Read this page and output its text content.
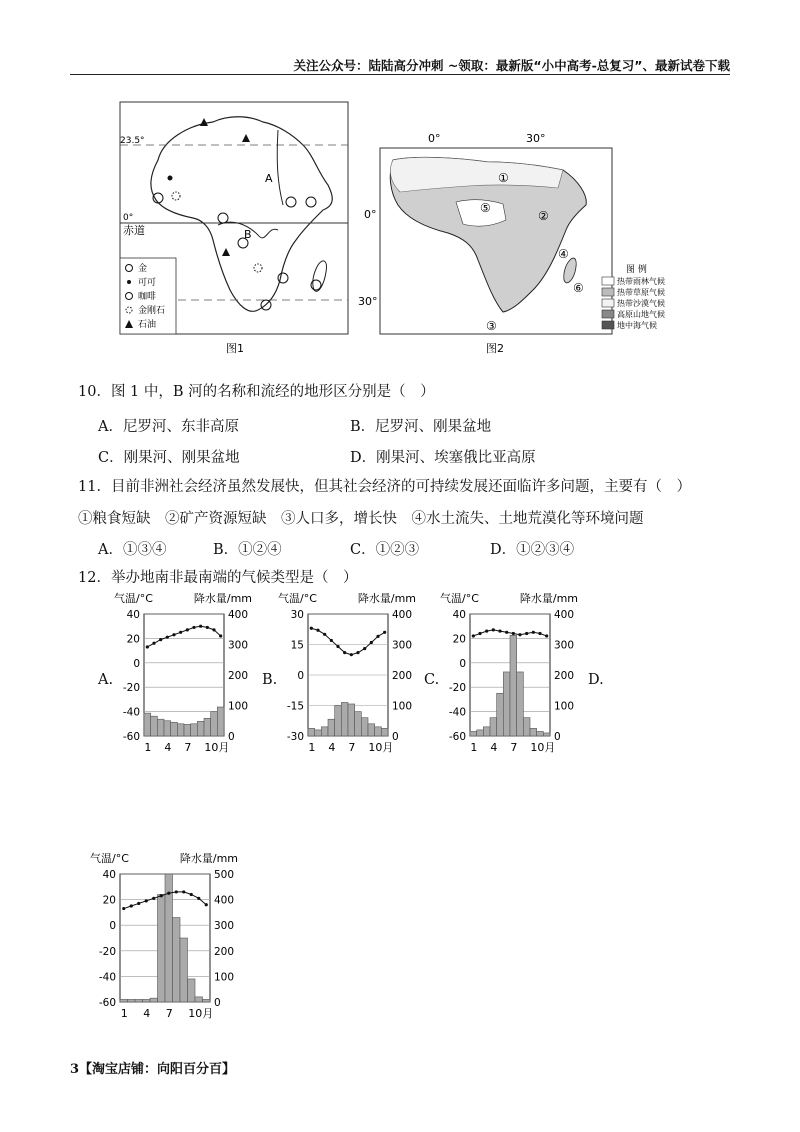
关注公众号：陆陆高分冲刺 ~领取：最新版“小中高考-总复习”、最新试卷下载
23.5°
0°
赤道
A
B
金
可可
咖啡
金刚石
石油
图1
0°	30°
0°
30°
①
②
③
④
⑤
⑥
图 例
热带雨林气候
热带草原气候
热带沙漠气候
高原山地气候
地中海气候
图2
10．图 1 中，B 河的名称和流经的地形区分别是（　）
A．尼罗河、东非高原	B．尼罗河、刚果盆地
C．刚果河、刚果盆地	D．刚果河、埃塞俄比亚高原
11．目前非洲社会经济虽然发展快，但其社会经济的可持续发展还面临许多问题，主要有（　）
①粮食短缺　②矿产资源短缺　③人口多，增长快　④水土流失、土地荒漠化等环境问题
A．①③④	B．①②④	C．①②③	D．①②③④
12．举办地南非最南端的气候类型是（　）
A.	B.	C.	D.
气温/°C	降水量/mm
40
20
0
-20
-40
-60
400
300
200
100
0
1 4 7 10月
气温/°C	降水量/mm
30
15
0
-15
-30
400
300
200
100
0
1 4 7 10月
气温/°C	降水量/mm
40
20
0
-20
-40
-60
400
300
200
100
0
1 4 7 10月
气温/°C	降水量/mm
40
20
0
-20
-40
-60
500
400
300
200
100
0
1 4 7 10月
3【淘宝店铺：向阳百分百】
